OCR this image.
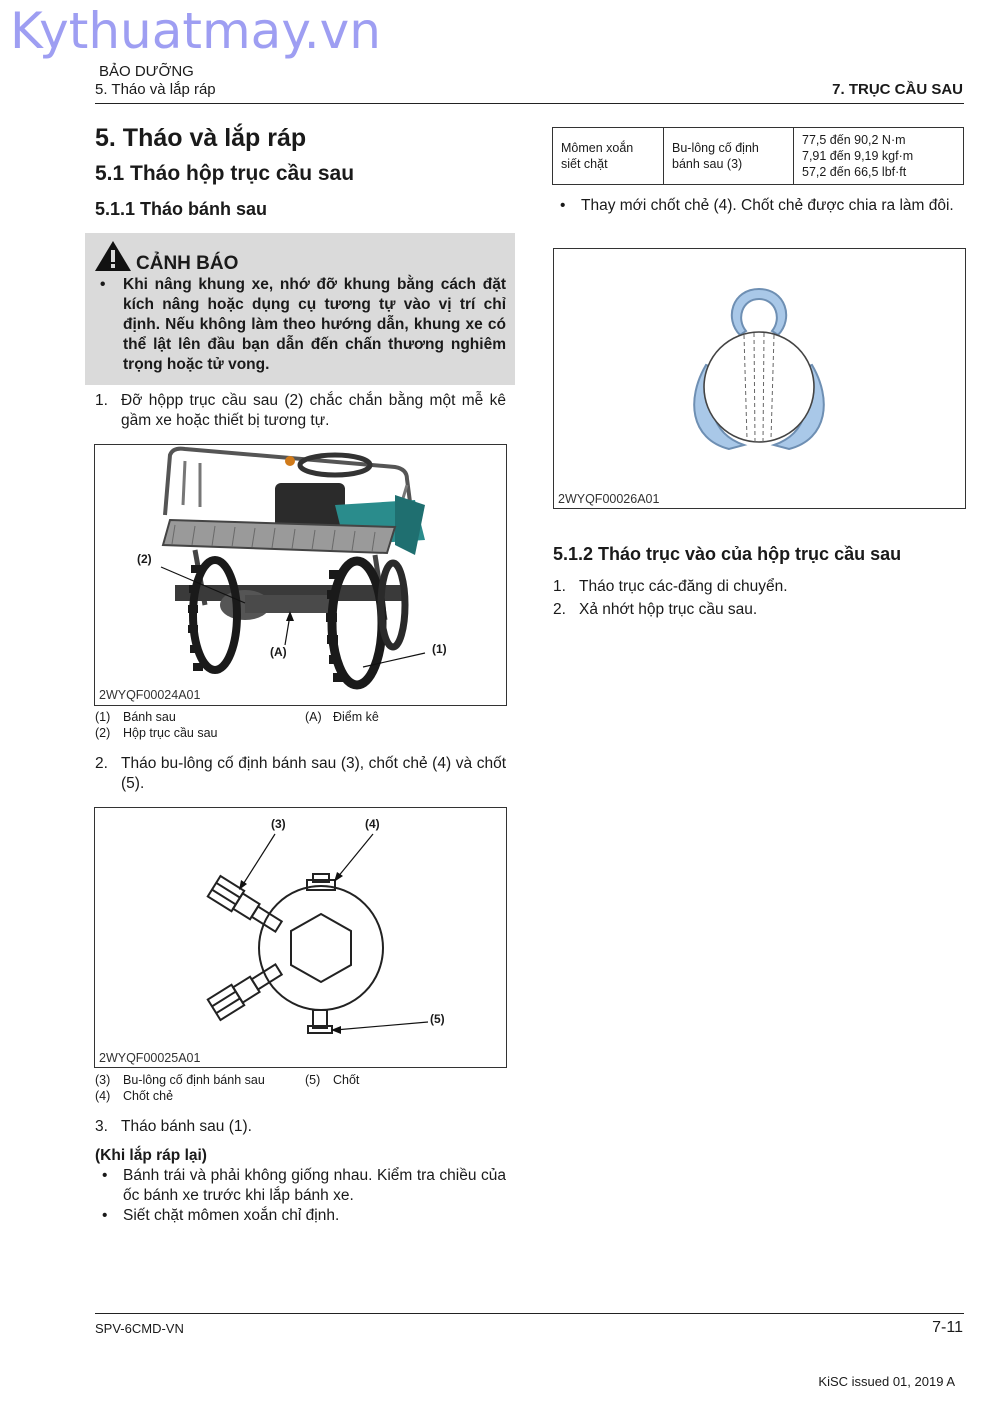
Kythuatmay.vn
BẢO DƯỠNG
5. Tháo và lắp ráp	7. TRỤC CẦU SAU
5. Tháo và lắp ráp
5.1 Tháo hộp trục cầu sau
5.1.1 Tháo bánh sau
CẢNH BÁO
• Khi nâng khung xe, nhớ đỡ khung bằng cách đặt kích nâng hoặc dụng cụ tương tự vào vị trí chỉ định. Nếu không làm theo hướng dẫn, khung xe có thể lật lên đầu bạn dẫn đến chấn thương nghiêm trọng hoặc tử vong.
1. Đỡ hộpp trục cầu sau (2) chắc chắn bằng một mễ kê gầm xe hoặc thiết bị tương tự.
(2)
(A)	(1)
2WYQF00024A01
(1) Bánh sau	(A) Điểm kê
(2) Hộp trục cầu sau
2. Tháo bu-lông cố định bánh sau (3), chốt chẻ (4) và chốt (5).
(3)	(4)
(5)
2WYQF00025A01
(3) Bu-lông cố định bánh sau	(5) Chốt
(4) Chốt chẻ
3. Tháo bánh sau (1).
(Khi lắp ráp lại)
• Bánh trái và phải không giống nhau. Kiểm tra chiều của ốc bánh xe trước khi lắp bánh xe.
• Siết chặt mômen xoắn chỉ định.
Mômen xoắn siết chặt	Bu-lông cố định bánh sau (3)	
77,5 đến 90,2 N·m
7,91 đến 9,19 kgf·m
57,2 đến 66,5 lbf·ft
• Thay mới chốt chẻ (4). Chốt chẻ được chia ra làm đôi.
2WYQF00026A01
5.1.2 Tháo trục vào của hộp trục cầu sau
1. Tháo trục các-đăng di chuyển.
2. Xả nhớt hộp trục cầu sau.
SPV-6CMD-VN	7-11
KiSC issued 01, 2019 A
